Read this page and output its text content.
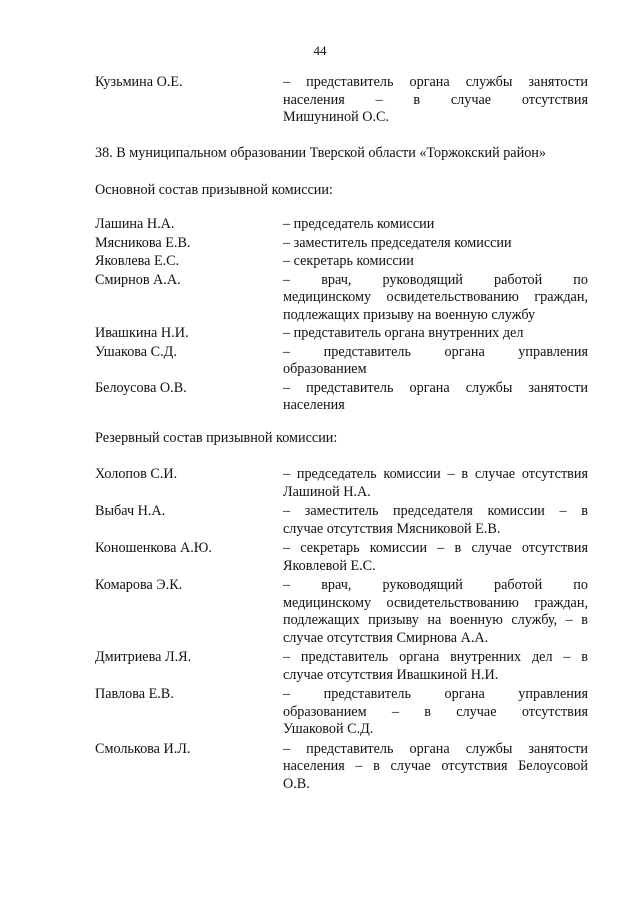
44
Кузьмина О.Е.	– представитель органа службы занятости
населения – в случае отсутствия
Мишуниной О.С.
38. В муниципальном образовании Тверской области «Торжокский район»
Основной состав призывной комиссии:
Лашина Н.А.	– председатель комиссии
Мясникова Е.В.	– заместитель председателя комиссии
Яковлева Е.С.	– секретарь комиссии
Смирнов А.А.	– врач, руководящий работой по
медицинскому освидетельствованию граждан,
подлежащих призыву на военную службу
Ивашкина Н.И.	– представитель органа внутренних дел
Ушакова С.Д.	– представитель органа управления
образованием
Белоусова О.В.	– представитель органа службы занятости
населения
Резервный состав призывной комиссии:
Холопов С.И.	– председатель комиссии – в случае отсутствия
Лашиной Н.А.
Выбач Н.А.	– заместитель председателя комиссии – в
случае отсутствия Мясниковой Е.В.
Коношенкова А.Ю.	– секретарь комиссии – в случае отсутствия
Яковлевой Е.С.
Комарова Э.К.	– врач, руководящий работой по
медицинскому освидетельствованию граждан,
подлежащих призыву на военную службу, – в
случае отсутствия Смирнова А.А.
Дмитриева Л.Я.	– представитель органа внутренних дел – в
случае отсутствия Ивашкиной Н.И.
Павлова Е.В.	– представитель органа управления
образованием – в случае отсутствия
Ушаковой С.Д.
Смолькова И.Л.	– представитель органа службы занятости
населения – в случае отсутствия Белоусовой
О.В.
